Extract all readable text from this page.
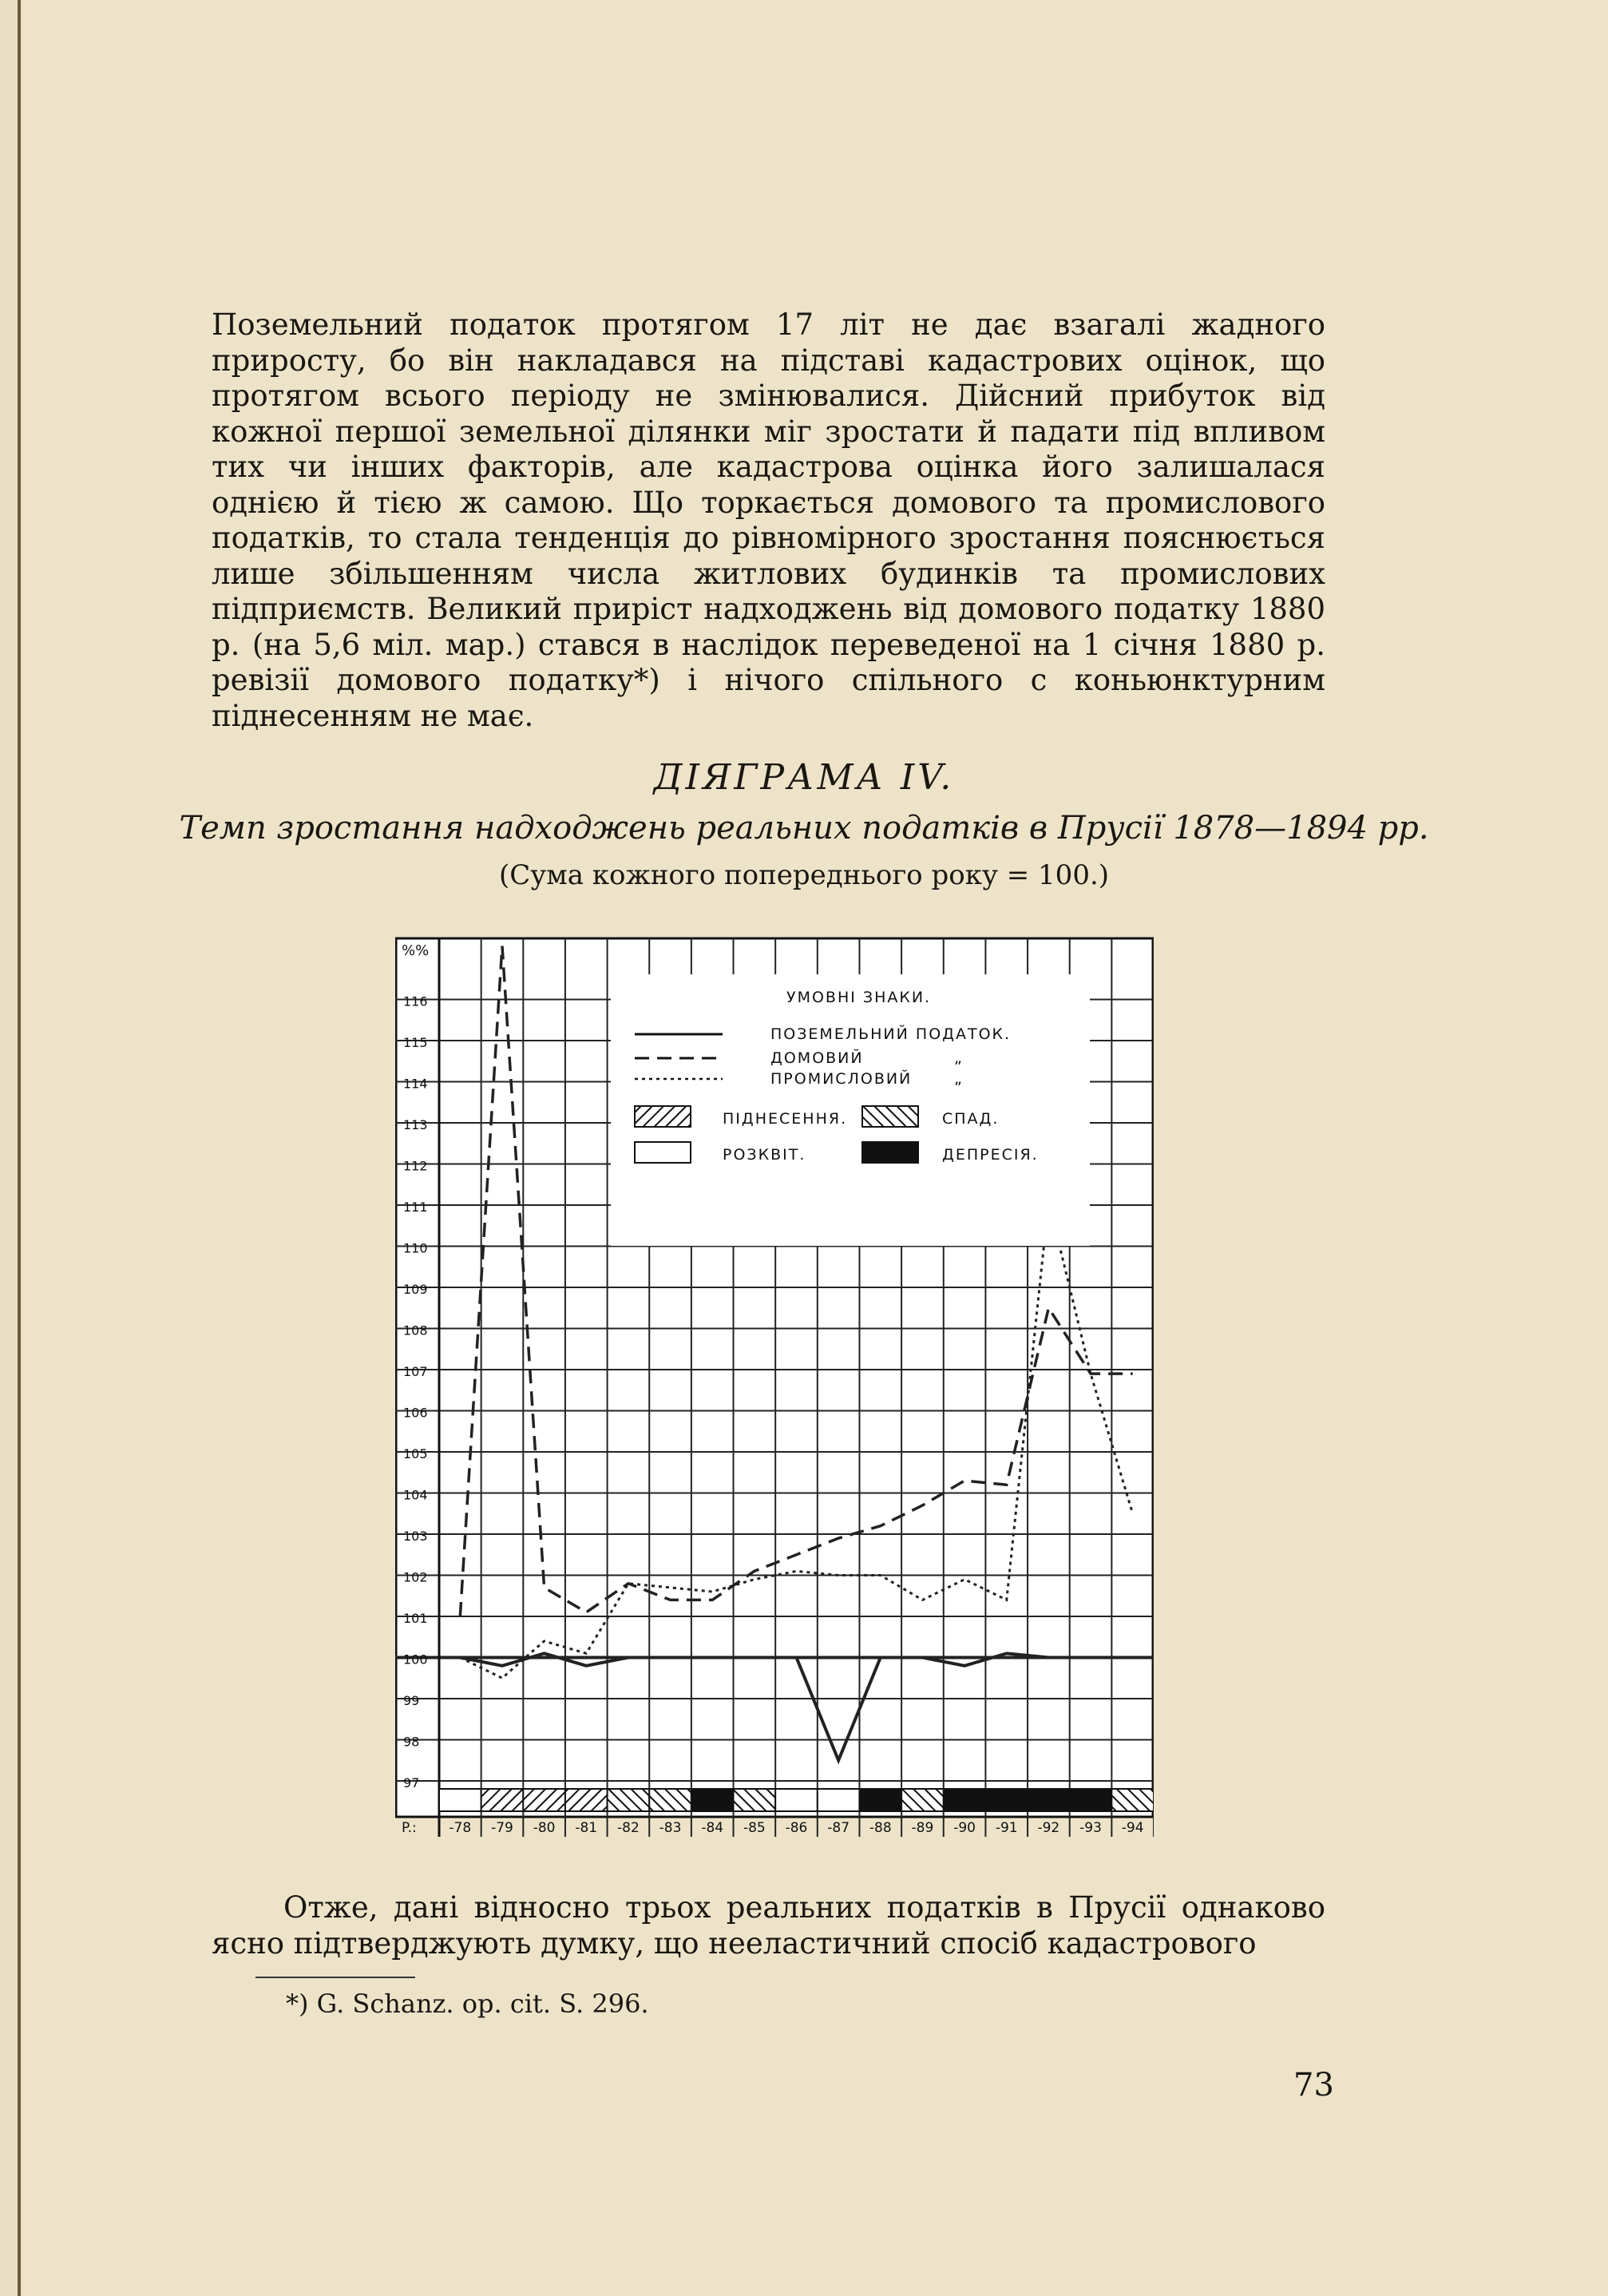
Поземельний податок протягом 17 літ не дає взагалі жадного приросту, бо він накладався на підставі кадастрових оцінок, що протягом всього періоду не змінювалися. Дійсний прибуток від кожної першої земельної ділянки міг зростати й падати під впливом тих чи інших факторів, але кадастрова оцінка його залишалася однією й тією ж самою. Що торкається домового та промислового податків, то стала тенденція до рівномірного зростання пояснюється лише збільшенням числа житлових будинків та промислових підприємств. Великий приріст надходжень від домового податку 1880 р. (на 5,6 міл. мар.) стався в наслідок переведеної на 1 січня 1880 р. ревізії домового податку*) і нічого спільного с коньюнктурним піднесенням не має.

ДІЯГРАМА IV.
Темп зростання надходжень реальних податків в Прусії 1878—1894 рр.
(Сума кожного попереднього року = 100.)
97
98
99
100
101
102
103
104
105
106
107
108
109
110
111
112
113
114
115
116
%%
УМОВНІ ЗНАКИ.
ПОЗЕМЕЛЬНИЙ ПОДАТОК.
ДОМОВИЙ	„
ПРОМИСЛОВИЙ	„
ПІДНЕСЕННЯ.	СПАД.
РОЗКВІТ.	ДЕПРЕСІЯ.
P.: -78 -79 -80 -81 -82 -83 -84 -85 -86 -87 -88 -89 -90 -91 -92 -93 -94

Отже, дані відносно трьох реальних податків в Прусії однаково ясно підтверджують думку, що нееластичний спосіб кадастрового

*) G. Schanz. op. cit. S. 296.
73
